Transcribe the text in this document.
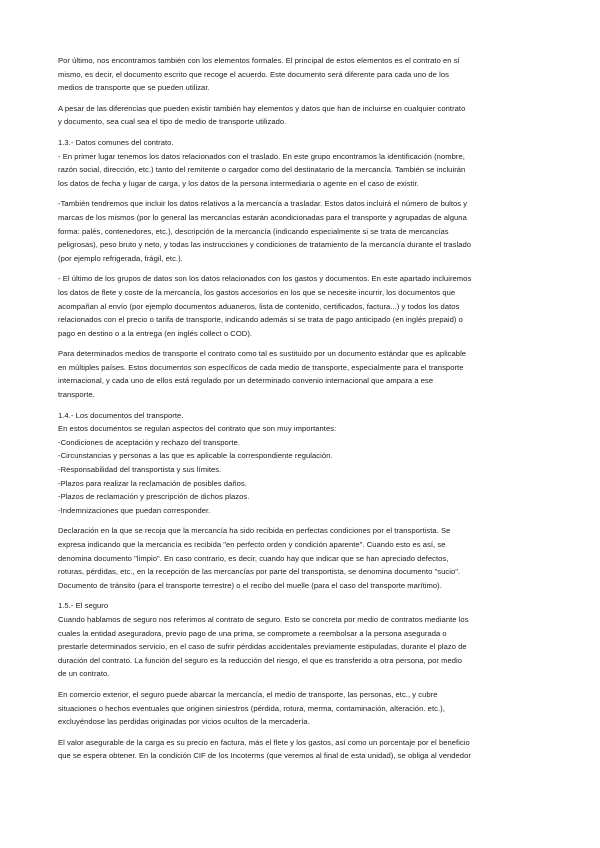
Por último, nos encontramos también con los elementos formales. El principal de estos elementos es el contrato en sí
mismo, es decir, el documento escrito que recoge el acuerdo. Este documento será diferente para cada uno de los
medios de transporte que se pueden utilizar.

A pesar de las diferencias que pueden existir también hay elementos y datos que han de incluirse en cualquier contrato
y documento, sea cual sea el tipo de medio de transporte utilizado.

1.3.- Datos comunes del contrato.
- En primer lugar tenemos los datos relacionados con el traslado. En este grupo encontramos la identificación (nombre,
razón social, dirección, etc.) tanto del remitente o cargador como del destinatario de la mercancía. También se incluirán
los datos de fecha y lugar de carga, y los datos de la persona intermediaria o agente en el caso de existir.

-También tendremos que incluir los datos relativos a la mercancía a trasladar. Estos datos incluirá el número de bultos y
marcas de los mismos (por lo general las mercancías estarán acondicionadas para el transporte y agrupadas de alguna
forma: palés, contenedores, etc.), descripción de la mercancía (indicando especialmente si se trata de mercancías
peligrosas), peso bruto y neto, y todas las instrucciones y condiciones de tratamiento de la mercancía durante el traslado
(por ejemplo refrigerada, frágil, etc.).

- El último de los grupos de datos son los datos relacionados con los gastos y documentos. En este apartado incluiremos
los datos de flete y coste de la mercancía, los gastos accesorios en los que se necesite incurrir, los documentos que
acompañan al envío (por ejemplo documentos aduaneros, lista de contenido, certificados, factura...) y todos los datos
relacionados con el precio o tarifa de transporte, indicando además si se trata de pago anticipado (en inglés prepaid) o
pago en destino o a la entrega (en inglés collect o COD).

Para determinados medios de transporte el contrato como tal es sustituido por un documento estándar que es aplicable
en múltiples países. Estos documentos son específicos de cada medio de transporte, especialmente para el transporte
internacional, y cada uno de ellos está regulado por un determinado convenio internacional que ampara a ese
transporte.

1.4.- Los documentos del transporte.
En estos documentos se regulan aspectos del contrato que son muy importantes:
-Condiciones de aceptación y rechazo del transporte.
-Circunstancias y personas a las que es aplicable la correspondiente regulación.
-Responsabilidad del transportista y sus límites.
-Plazos para realizar la reclamación de posibles daños.
-Plazos de reclamación y prescripción de dichos plazos.
-Indemnizaciones que puedan corresponder.

Declaración en la que se recoja que la mercancía ha sido recibida en perfectas condiciones por el transportista. Se
expresa indicando que la mercancía es recibida "en perfecto orden y condición aparente". Cuando esto es así, se
denomina documento "limpio". En caso contrario, es decir, cuando hay que indicar que se han apreciado defectos,
roturas, pérdidas, etc., en la recepción de las mercancías por parte del transportista, se denomina documento "sucio".
Documento de tránsito (para el transporte terrestre) o el recibo del muelle (para el caso del transporte marítimo).

1.5.- El seguro
Cuando hablamos de seguro nos referimos al contrato de seguro. Esto se concreta por medio de contratos mediante los
cuales la entidad aseguradora, previo pago de una prima, se compromete a reembolsar a la persona asegurada o
prestarle determinados servicio, en el caso de sufrir pérdidas accidentales previamente estipuladas, durante el plazo de
duración del contrato. La función del seguro es la reducción del riesgo, el que es transferido a otra persona, por medio
de un contrato.

En comercio exterior, el seguro puede abarcar la mercancía, el medio de transporte, las personas, etc., y cubre
situaciones o hechos eventuales que originen siniestros (pérdida, rotura, merma, contaminación, alteración. etc.),
excluyéndose las perdidas originadas por vicios ocultos de la mercadería.

El valor asegurable de la carga es su precio en factura, más el flete y los gastos, así como un porcentaje por el beneficio
que se espera obtener. En la condición CIF de los Incoterms (que veremos al final de esta unidad), se obliga al vendedor
